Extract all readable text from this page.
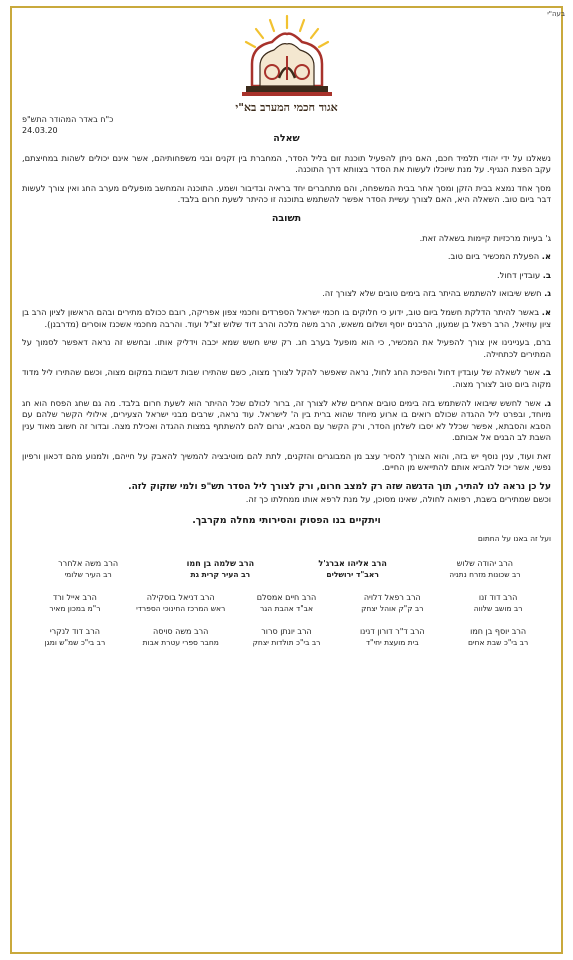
בעה"י
אגוד חכמי המערב בא"י
כ"ח באדר המהודר התש"פ
24.03.20
שאלה

נשאלנו על ידי יהודי תלמיד חכם, האם ניתן להפעיל תוכנת זום בליל הסדר, המחברת בין זקנים ובני משפחותיהם, אשר אינם יכולים לשהות במחיצתם, עקב הפצת הנגיף. על מנת שיוכלו לעשות את הסדר בצוותא דרך התוכנה.

מסך אחד נמצא בבית הזקן ומסך אחר בבית המשפחה, והם מתחברים יחד בראיה ובדיבור ושמע. התוכנה והמחשב מופעלים מערב החג ואין צורך לעשות דבר ביום טוב. השאלה היא, האם לצורך עשיית הסדר אפשר להשתמש בתוכנה זו כהיתר לשעת חרום בלבד.

תשובה

ג' בעיות מרכזיות קיימות בשאלה זאת.

א. הפעלת המכשיר ביום טוב.

ב. עובדין דחול.

ג. חשש שיבואו להשתמש בהיתר בזה בימים טובים שלא לצורך זה.

א. באשר להיתר הדלקת חשמל ביום טוב, ידוע כי חלוקים בו חכמי ישראל הספרדים וחכמי צפון אפריקה, רובם ככולם מתירים ובהם הראשון לציון הרב בן ציון עוזיאל, הרב רפאל בן שמעון, הרבנים יוסף ושלום משאש, הרב משה מלכה והרב דוד שלוש זצ"ל ועוד. והרבה מחכמי אשכנז אוסרים (מדרבנן).

ברם, בעניינינו אין צורך להפעיל את המכשיר, כי הוא מופעל בערב חג. רק שיש חשש שמא יכבה וידליק אותו. ובחשש זה נראה דאפשר לסמוך על המתירים לכתחילה.

ב. אשר לשאלה של עובדין דחול והפיכת החג לחול, נראה שאפשר להקל לצורך מצוה, כשם שהתירו שבות דשבות במקום מצוה, וכשם שהתירו ליל מדוד מקוה ביום טוב לצורך מצוה.

ג. אשר לחשש שיבואו להשתמש בזה בימים טובים אחרים שלא לצורך זה, ברור לכולם שכל ההיתר הוא לשעת חרום בלבד. מה גם שחג הפסח הוא חג מיוחד, ובפרט ליל ההגדה שכולם רואים בו ארוע מיוחד שהוא ברית בין ה' לישראל. עוד נראה, שרבים מבני ישראל הצעירים, אילולי הקשר שלהם עם הסבא והסבתא, אפשר שכלל לא יסבו לשלחן הסדר, ורק הקשר עם הסבא, יגרום להם להשתתף במצות ההגדה ואכילת מצה. ובדור זה חשוב מאוד ענין השבת לב הבנים אל אבותם.

זאת ועוד, ענין נוסף יש בזה, והוא הצורך להסיר עצב מן המבוגרים והזקנים, לתת להם מוטיבציה להמשיך להאבק על חייהם, ולמנוע מהם דכאון ורפיון נפשי, אשר יכול להביא אותם להתייאש מן החיים.

על כן נראה לנו להתיר, תוך הדגשה שזה רק למצב חרום, ורק לצורך ליל הסדר תש"פ ולמי שזקוק לזה.
וכשם שמתירים בשבת, רפואה לחולה, שאינו מסוכן, על מנת לרפא אותו ממחלתו כך זה.

ויתקיים בנו הפסוק והסירותי מחלה מקרבך.
ועל זה באנו על החתום
הרב יהודה שלוש
רב שכונות מזרח נתניה
הרב אליהו אברג'ל
ראב"ד ירושלים
הרב שלמה בן חמו
רב העיר קרית גת
הרב משה אלחרר
רב העיר שלומי
הרב דוד זנו
רב מושב שלווה
הרב רפאל דלויה
רב ק"ק אוהל יצחק
הרב חיים אמסלם
אב"ד אהבת הגר
הרב דניאל בוסקילה
ראש המרכז החינוכי הספרדי
הרב אייל ורד
ר"מ במכון מאיר
הרב יוסף בן חמו
רב בי"כ שבת אחים
הרב ד"ר דורון דנינו
בית מועצת יחי"ד
הרב יונתן סרור
רב בי"כ תולדות יצחק
הרב משה סויסה
מחבר ספרי עטרת אבות
הרב דוד לנקרי
רב בי"כ שמ"ש ומגן
